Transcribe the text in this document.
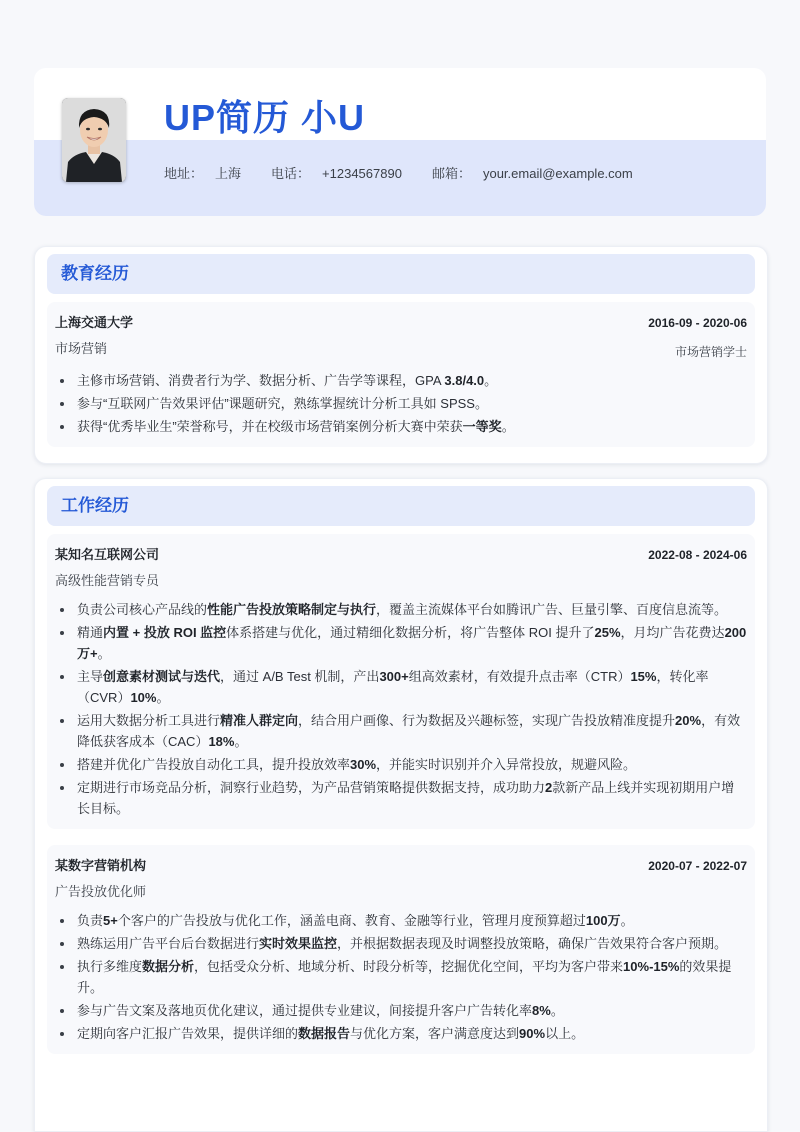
UP简历 小U
地址： 上海 电话： +1234567890 邮箱： your.email@example.com
教育经历
上海交通大学	2016-09 - 2020-06
市场营销	市场营销学士
• 主修市场营销、消费者行为学、数据分析、广告学等课程，GPA 3.8/4.0。
• 参与“互联网广告效果评估”课题研究，熟练掌握统计分析工具如 SPSS。
• 获得“优秀毕业生”荣誉称号，并在校级市场营销案例分析大赛中荣获一等奖。
工作经历
某知名互联网公司	2022-08 - 2024-06
高级性能营销专员
• 负责公司核心产品线的性能广告投放策略制定与执行，覆盖主流媒体平台如腾讯广告、巨量引擎、百度信息流等。
• 精通内置 + 投放 ROI 监控体系搭建与优化，通过精细化数据分析，将广告整体 ROI 提升了25%，月均广告花费达200万+。
• 主导创意素材测试与迭代，通过 A/B Test 机制，产出300+组高效素材，有效提升点击率（CTR）15%，转化率（CVR）10%。
• 运用大数据分析工具进行精准人群定向，结合用户画像、行为数据及兴趣标签，实现广告投放精准度提升20%，有效降低获客成本（CAC）18%。
• 搭建并优化广告投放自动化工具，提升投放效率30%，并能实时识别并介入异常投放，规避风险。
• 定期进行市场竞品分析，洞察行业趋势，为产品营销策略提供数据支持，成功助力2款新产品上线并实现初期用户增长目标。
某数字营销机构	2020-07 - 2022-07
广告投放优化师
• 负责5+个客户的广告投放与优化工作，涵盖电商、教育、金融等行业，管理月度预算超过100万。
• 熟练运用广告平台后台数据进行实时效果监控，并根据数据表现及时调整投放策略，确保广告效果符合客户预期。
• 执行多维度数据分析，包括受众分析、地域分析、时段分析等，挖掘优化空间，平均为客户带来10%-15%的效果提升。
• 参与广告文案及落地页优化建议，通过提供专业建议，间接提升客户广告转化率8%。
• 定期向客户汇报广告效果，提供详细的数据报告与优化方案，客户满意度达到90%以上。
